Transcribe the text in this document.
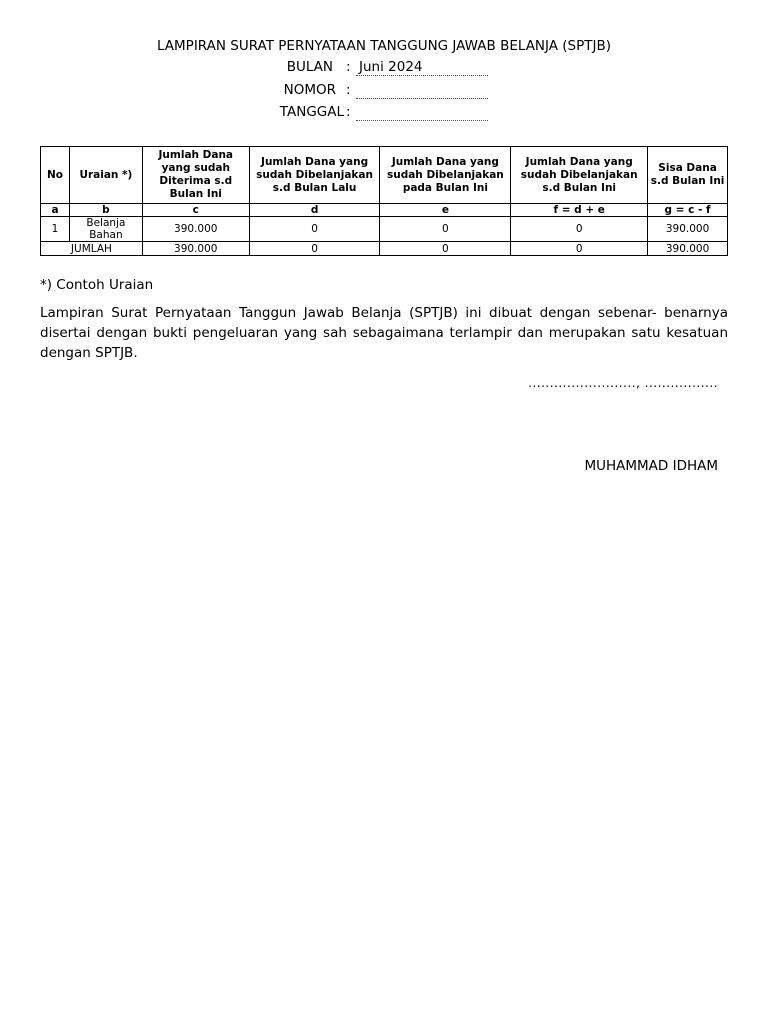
LAMPIRAN SURAT PERNYATAAN TANGGUNG JAWAB BELANJA (SPTJB)
BULAN : Juni 2024
NOMOR :
TANGGAL :
No	Uraian *)	Jumlah Dana yang sudah Diterima s.d Bulan Ini	Jumlah Dana yang sudah Dibelanjakan s.d Bulan Lalu	Jumlah Dana yang sudah Dibelanjakan pada Bulan Ini	Jumlah Dana yang sudah Dibelanjakan s.d Bulan Ini	Sisa Dana s.d Bulan Ini
a	b	c	d	e	f = d + e	g = c - f
1	Belanja Bahan	390.000	0	0	0	390.000
JUMLAH		390.000	0	0	0	390.000
*) Contoh Uraian
Lampiran Surat Pernyataan Tanggun Jawab Belanja (SPTJB) ini dibuat dengan sebenar- benarnya disertai dengan bukti pengeluaran yang sah sebagaimana terlampir dan merupakan satu kesatuan dengan SPTJB.
........................., .................
MUHAMMAD IDHAM
